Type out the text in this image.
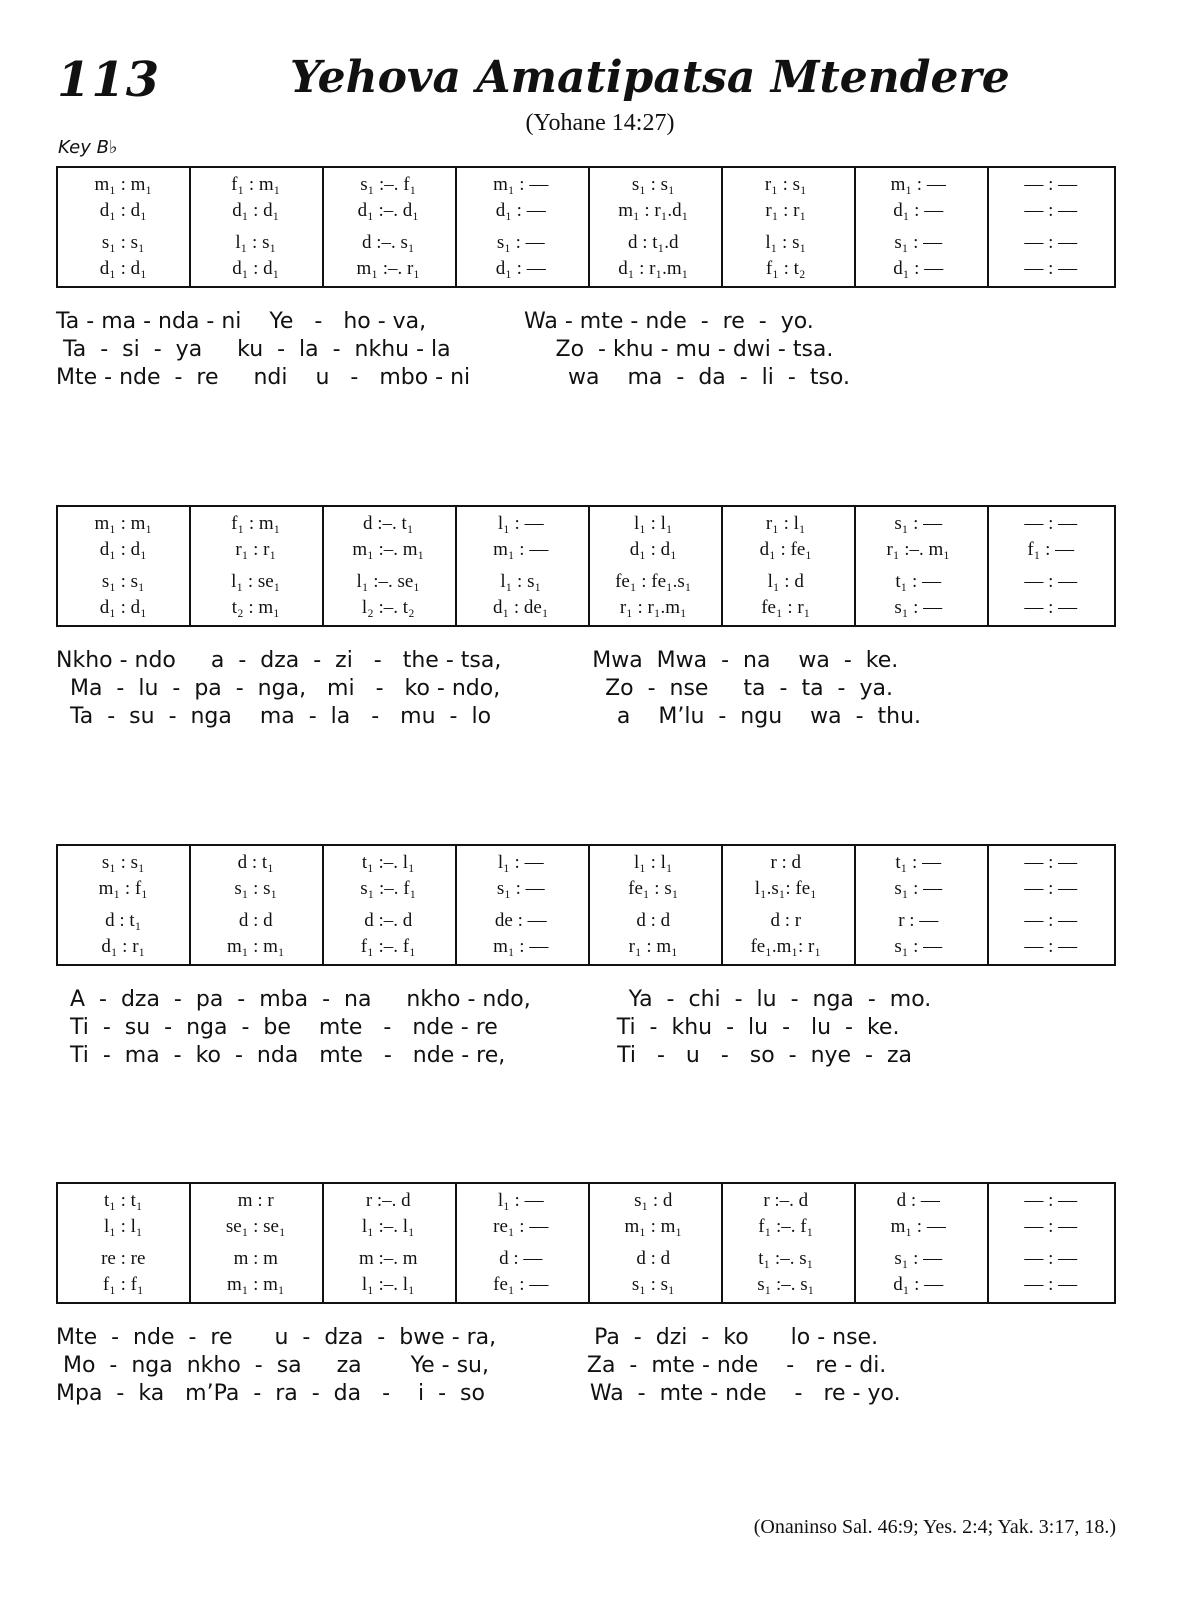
113	Yehova Amatipatsa Mtendere
(Yohane 14:27)
Key B♭
m₁ : m₁
d₁ : d₁
s₁ : s₁
d₁ : d₁
f₁ : m₁
d₁ : d₁
l₁ : s₁
d₁ : d₁
s₁ :–. f₁
d₁ :–. d₁
d :–. s₁
m₁ :–. r₁
m₁ : —
d₁ : —
s₁ : —
d₁ : —
s₁ : s₁
m₁ : r₁.d₁
d : t₁.d
d₁ : r₁.m₁
r₁ : s₁
r₁ : r₁
l₁ : s₁
f₁ : t₂
m₁ : —
d₁ : —
s₁ : —
d₁ : —
— : —
— : —
— : —
— : —
Ta - ma - nda - ni    Ye   -   ho - va,              Wa - mte - nde  -  re  -  yo.
Ta  -  si  -  ya     ku  -  la  -  nkhu - la               Zo  - khu - mu - dwi - tsa.
Mte - nde  -  re     ndi    u   -   mbo - ni              wa    ma  -  da  -  li  -  tso.
m₁ : m₁
d₁ : d₁
s₁ : s₁
d₁ : d₁
f₁ : m₁
r₁ : r₁
l₁ : se₁
t₂ : m₁
d :–. t₁
m₁ :–. m₁
l₁ :–. se₁
l₂ :–. t₂
l₁ : —
m₁ : —
l₁ : s₁
d₁ : de₁
l₁ : l₁
d₁ : d₁
fe₁ : fe₁.s₁
r₁ : r₁.m₁
r₁ : l₁
d₁ : fe₁
l₁ : d
fe₁ : r₁
s₁ : —
r₁ :–. m₁
t₁ : —
s₁ : —
— : —
f₁ : —
— : —
— : —
Nkho - ndo     a  -  dza  -  zi   -   the - tsa,             Mwa  Mwa  -  na    wa  -  ke.
Ma  -  lu  -  pa  -  nga,   mi   -   ko - ndo,               Zo  -  nse     ta  -  ta  -  ya.
Ta  -  su  -  nga    ma  -  la   -   mu  -  lo                  a    M’lu  -  ngu    wa  -  thu.
s₁ : s₁
m₁ : f₁
d : t₁
d₁ : r₁
d : t₁
s₁ : s₁
d : d
m₁ : m₁
t₁ :–. l₁
s₁ :–. f₁
d :–. d
f₁ :–. f₁
l₁ : —
s₁ : —
de : —
m₁ : —
l₁ : l₁
fe₁ : s₁
d : d
r₁ : m₁
r : d
l₁.s₁: fe₁
d : r
fe₁.m₁: r₁
t₁ : —
s₁ : —
r : —
s₁ : —
— : —
— : —
— : —
— : —
A  -  dza  -  pa  -  mba  -  na     nkho - ndo,              Ya  -  chi  -  lu  -  nga  -  mo.
Ti  -  su  -  nga  -  be    mte   -   nde - re                 Ti  -  khu  -  lu  -   lu  -  ke.
Ti  -  ma  -  ko  -  nda   mte   -   nde - re,                Ti   -   u   -   so  -  nye  -  za
t₁ : t₁
l₁ : l₁
re : re
f₁ : f₁
m : r
se₁ : se₁
m : m
m₁ : m₁
r :–. d
l₁ :–. l₁
m :–. m
l₁ :–. l₁
l₁ : —
re₁ : —
d : —
fe₁ : —
s₁ : d
m₁ : m₁
d : d
s₁ : s₁
r :–. d
f₁ :–. f₁
t₁ :–. s₁
s₁ :–. s₁
d : —
m₁ : —
s₁ : —
d₁ : —
— : —
— : —
— : —
— : —
Mte  -  nde  -  re      u  -  dza  -  bwe - ra,              Pa  -  dzi  -  ko      lo - nse.
Mo  -  nga  nkho  -  sa     za       Ye - su,              Za  -  mte - nde    -   re - di.
Mpa  -  ka   m’Pa  -  ra  -  da   -    i  -  so               Wa  -  mte - nde    -   re - yo.
(Onaninso Sal. 46:9; Yes. 2:4; Yak. 3:17, 18.)
